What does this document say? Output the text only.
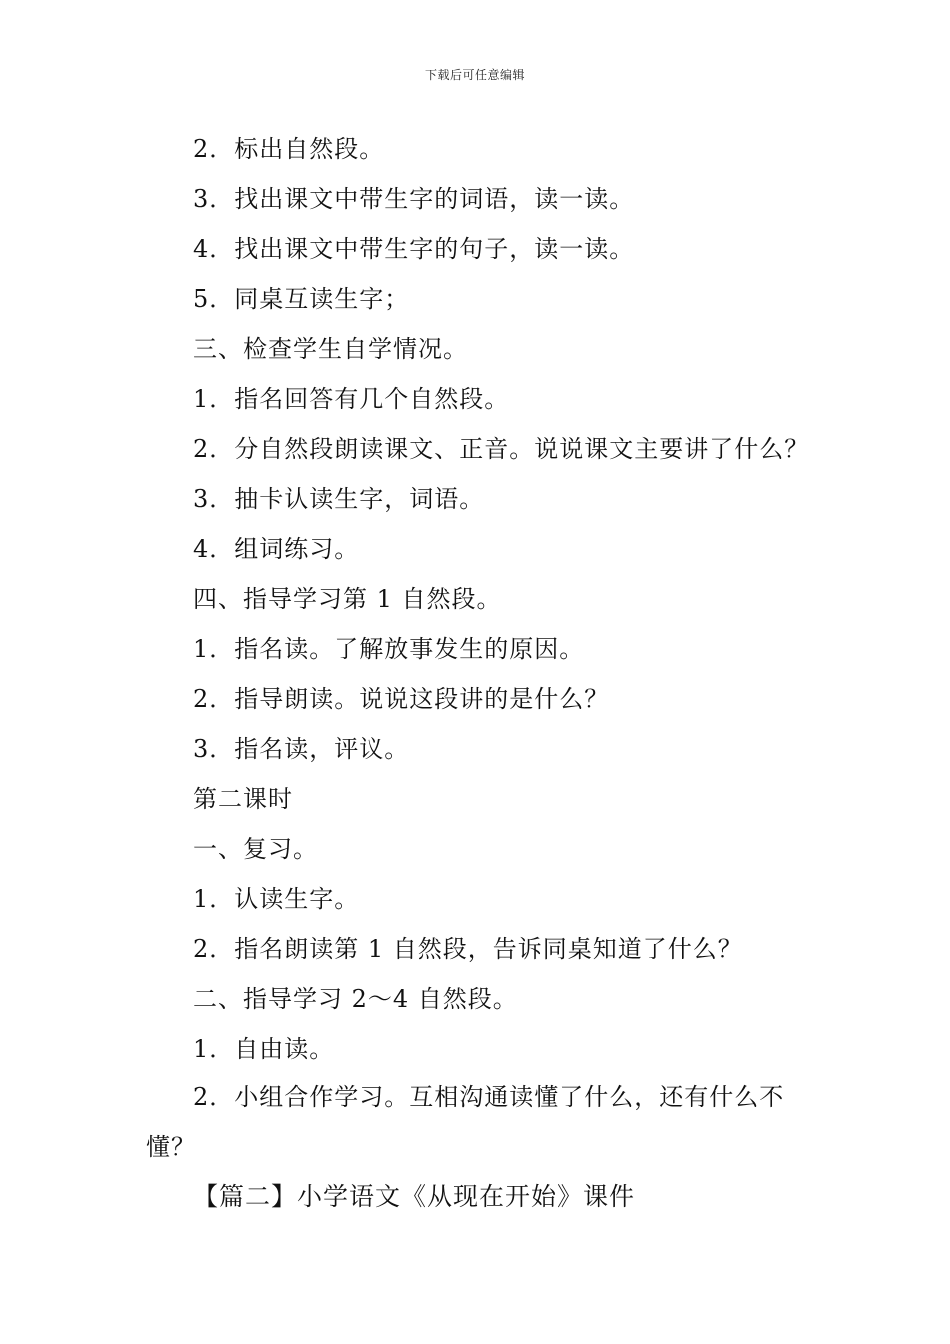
下载后可任意编辑
2．标出自然段。
3．找出课文中带生字的词语，读一读。
4．找出课文中带生字的句子，读一读。
5．同桌互读生字；
三、检查学生自学情况。
1．指名回答有几个自然段。
2．分自然段朗读课文、正音。说说课文主要讲了什么？
3．抽卡认读生字，词语。
4．组词练习。
四、指导学习第 1 自然段。
1．指名读。了解放事发生的原因。
2．指导朗读。说说这段讲的是什么？
3．指名读，评议。
第二课时
一、复习。
1．认读生字。
2．指名朗读第 1 自然段，告诉同桌知道了什么？
二、指导学习 2～4 自然段。
1．自由读。
2．小组合作学习。互相沟通读懂了什么，还有什么不
懂？
【篇二】小学语文《从现在开始》课件
